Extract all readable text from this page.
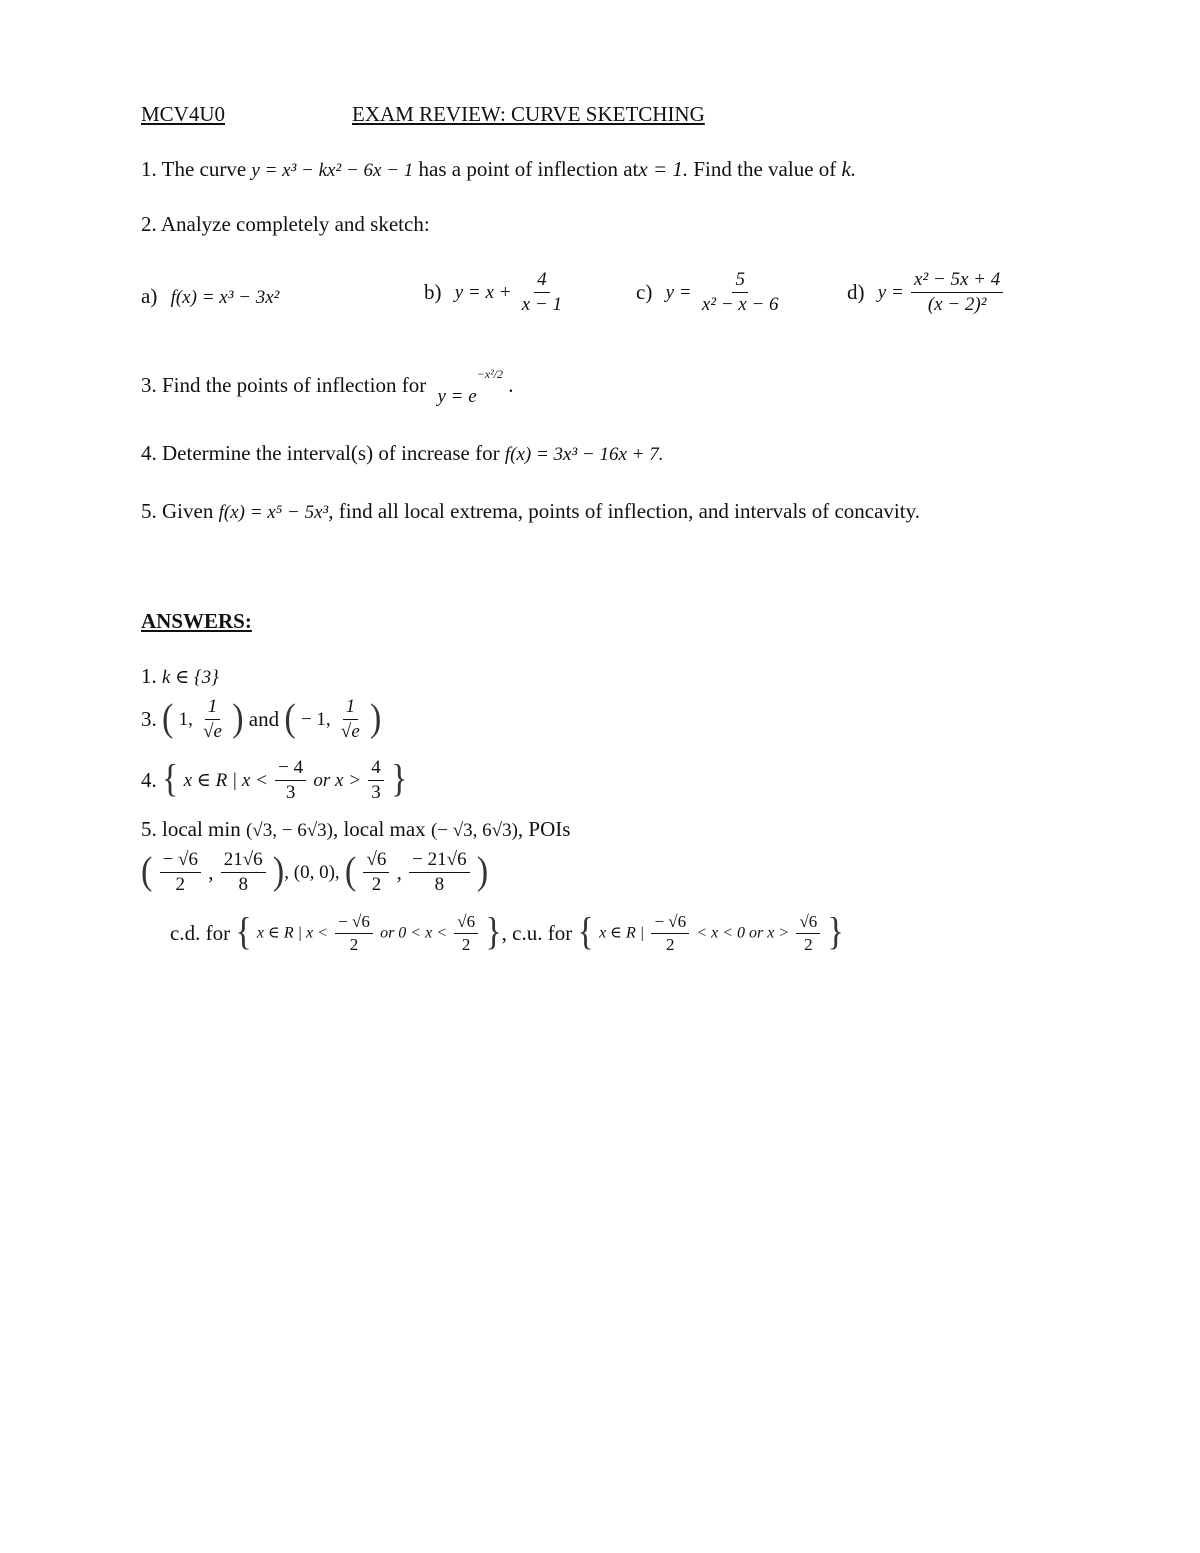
MCV4U0	EXAM REVIEW: CURVE SKETCHING
1. The curve y = x³ − kx² − 6x − 1 has a point of inflection atx = 1. Find the value of k.
2. Analyze completely and sketch:
a) f(x) = x³ − 3x²	b) $y = x + \frac{4}{x - 1}$	c) $y = \frac{5}{\text{x² − x − 6}}$	d) $y = \frac{\text{x² − 5x + 4}}{\text{(x − 2)²}}$
3. Find the points of inflection for $y = e^{-x^2/2}$ .
4. Determine the interval(s) of increase for f(x) = 3x³ − 16x + 7.
5. Given f(x) = x⁵ − 5x³, find all local extrema, points of inflection, and intervals of concavity.
ANSWERS:
1. k ∈ {3}
3. ( 1, $\frac{1}{√e}$ ) and ( − 1, $\frac{1}{√e}$ )
4. { x ∈ R | $x < \frac{- 4}{3}$ or $x > \frac{4}{3}$ }
5. local min (√3, − 6√3), local max (− √3, 6√3), POIs
( $\frac{- √6}{2}$ , $\frac{21√6}{8}$ ), (0, 0), ( $\frac{√6}{2}$ , $\frac{- 21√6}{8}$ )
c.d. for { x ∈ R | $x < \frac{- √6}{2}$ or $0 < x < \frac{√6}{2}$ }, c.u. for { x ∈ R | $\frac{- √6}{2} < x < 0$ or $x > \frac{√6}{2}$ }
